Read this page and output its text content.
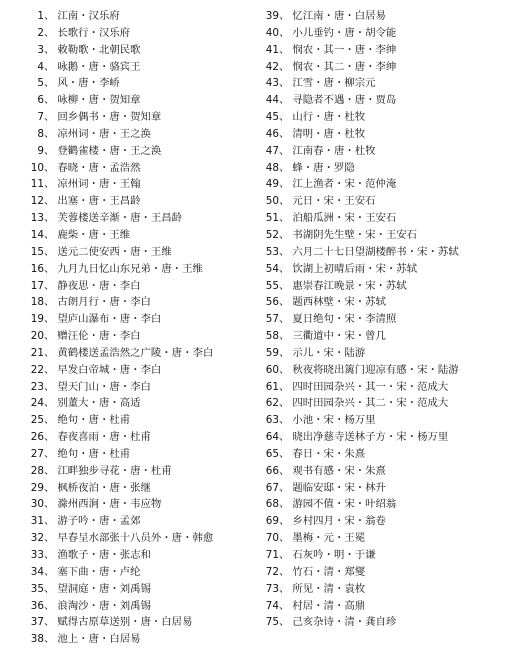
1、 江南・汉乐府
2、 长歌行・汉乐府
3、 敕勒歌・北朝民歌
4、 咏鹅・唐・骆宾王
5、 风・唐・李峤
6、 咏柳・唐・贺知章
7、 回乡偶书・唐・贺知章
8、 凉州词・唐・王之涣
9、 登鹳雀楼・唐・王之涣
10、 春晓・唐・孟浩然
11、 凉州词・唐・王翰
12、 出塞・唐・王昌龄
13、 芙蓉楼送辛渐・唐・王昌龄
14、 鹿柴・唐・王维
15、 送元二使安西・唐・王维
16、 九月九日忆山东兄弟・唐・王维
17、 静夜思・唐・李白
18、 古朗月行・唐・李白
19、 望庐山瀑布・唐・李白
20、 赠汪伦・唐・李白
21、 黄鹤楼送孟浩然之广陵・唐・李白
22、 早发白帝城・唐・李白
23、 望天门山・唐・李白
24、 别董大・唐・高适
25、 绝句・唐・杜甫
26、 春夜喜雨・唐・杜甫
27、 绝句・唐・杜甫
28、 江畔独步寻花・唐・杜甫
29、 枫桥夜泊・唐・张继
30、 滁州西涧・唐・韦应物
31、 游子吟・唐・孟郊
32、 早春呈水部张十八员外・唐・韩愈
33、 渔歌子・唐・张志和
34、 塞下曲・唐・卢纶
35、 望洞庭・唐・刘禹锡
36、 浪淘沙・唐・刘禹锡
37、 赋得古原草送别・唐・白居易
38、 池上・唐・白居易
39、 忆江南・唐・白居易
40、 小儿垂钓・唐・胡令能
41、 悯农・其一・唐・李绅
42、 悯农・其二・唐・李绅
43、 江雪・唐・柳宗元
44、 寻隐者不遇・唐・贾岛
45、 山行・唐・杜牧
46、 清明・唐・杜牧
47、 江南春・唐・杜牧
48、 蜂・唐・罗隐
49、 江上渔者・宋・范仲淹
50、 元日・宋・王安石
51、 泊船瓜洲・宋・王安石
52、 书湖阴先生壁・宋・王安石
53、 六月二十七日望湖楼醉书・宋・苏轼
54、 饮湖上初晴后雨・宋・苏轼
55、 惠崇春江晚景・宋・苏轼
56、 题西林壁・宋・苏轼
57、 夏日绝句・宋・李清照
58、 三衢道中・宋・曾几
59、 示儿・宋・陆游
60、 秋夜将晓出篱门迎凉有感・宋・陆游
61、 四时田园杂兴・其一・宋・范成大
62、 四时田园杂兴・其二・宋・范成大
63、 小池・宋・杨万里
64、 晓出净慈寺送林子方・宋・杨万里
65、 春日・宋・朱熹
66、 观书有感・宋・朱熹
67、 题临安邸・宋・林升
68、 游园不值・宋・叶绍翁
69、 乡村四月・宋・翁卷
70、 墨梅・元・王冕
71、 石灰吟・明・于谦
72、 竹石・清・郑燮
73、 所见・清・袁枚
74、 村居・清・高鼎
75、 己亥杂诗・清・龚自珍
